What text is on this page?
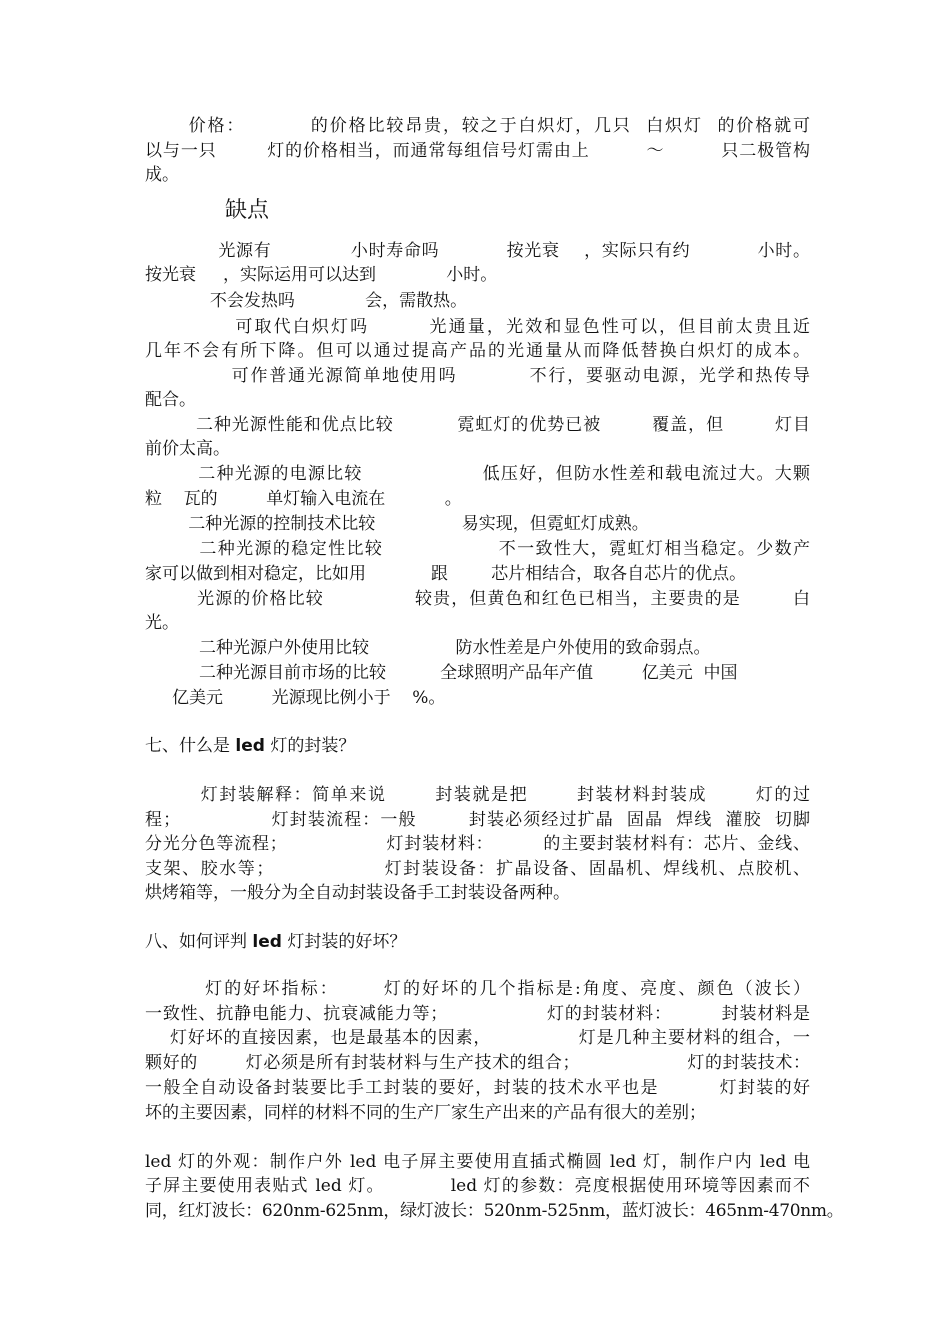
价格：         的价格比较昂贵，较之于白炽灯，几只  白炽灯  的价格就可
以与一只        灯的价格相当，而通常每组信号灯需由上         ～         只二极管构
成。
缺点
光源有             小时寿命吗           按光衰    ，实际只有约           小时。
按光衰     ，实际运用可以达到             小时。
不会发热吗             会，需散热。
可取代白炽灯吗        光通量，光效和显色性可以，但目前太贵且近
几年不会有所下降。但可以通过提高产品的光通量从而降低替换白炽灯的成本。
可作普通光源简单地使用吗          不行，要驱动电源，光学和热传导
配合。
二种光源性能和优点比较          霓虹灯的优势已被        覆盖，但        灯目
前价太高。
二种光源的电源比较                  低压好，但防水性差和载电流过大。大颗
粒    瓦的         单灯输入电流在           。
二种光源的控制技术比较                易实现，但霓虹灯成熟。
二种光源的稳定性比较                 不一致性大，霓虹灯相当稳定。少数产
家可以做到相对稳定，比如用            跟        芯片相结合，取各自芯片的优点。
光源的价格比较              较贵，但黄色和红色已相当，主要贵的是        白
光。
二种光源户外使用比较                防水性差是户外使用的致命弱点。
二种光源目前市场的比较          全球照明产品年产值         亿美元  中国
亿美元         光源现比例小于    %。
七、什么是 led 灯的封装？
灯封装解释：简单来说       封装就是把       封装材料封装成       灯的过
程；              灯封装流程：一般        封装必须经过扩晶  固晶  焊线  灌胶  切脚
分光分色等流程；                灯封装材料：        的主要封装材料有：芯片、金线、
支架、胶水等；                灯封装设备：扩晶设备、固晶机、焊线机、点胶机、
烘烤箱等，一般分为全自动封装设备手工封装设备两种。
八、如何评判 led 灯封装的好坏？
灯的好坏指标：      灯的好坏的几个指标是:角度、亮度、颜色（波长）
一致性、抗静电能力、抗衰减能力等；                灯的封装材料：        封装材料是
灯好坏的直接因素，也是最基本的因素，              灯是几种主要材料的组合，一
颗好的        灯必须是所有封装材料与生产技术的组合；                  灯的封装技术：
一般全自动设备封装要比手工封装的要好，封装的技术水平也是         灯封装的好
坏的主要因素，同样的材料不同的生产厂家生产出来的产品有很大的差别；
led 灯的外观：制作户外 led 电子屏主要使用直插式椭圆 led 灯，制作户内 led 电
子屏主要使用表贴式 led 灯。          led 灯的参数：亮度根据使用环境等因素而不
同，红灯波长：620nm-625nm，绿灯波长：520nm-525nm，蓝灯波长：465nm-470nm。
